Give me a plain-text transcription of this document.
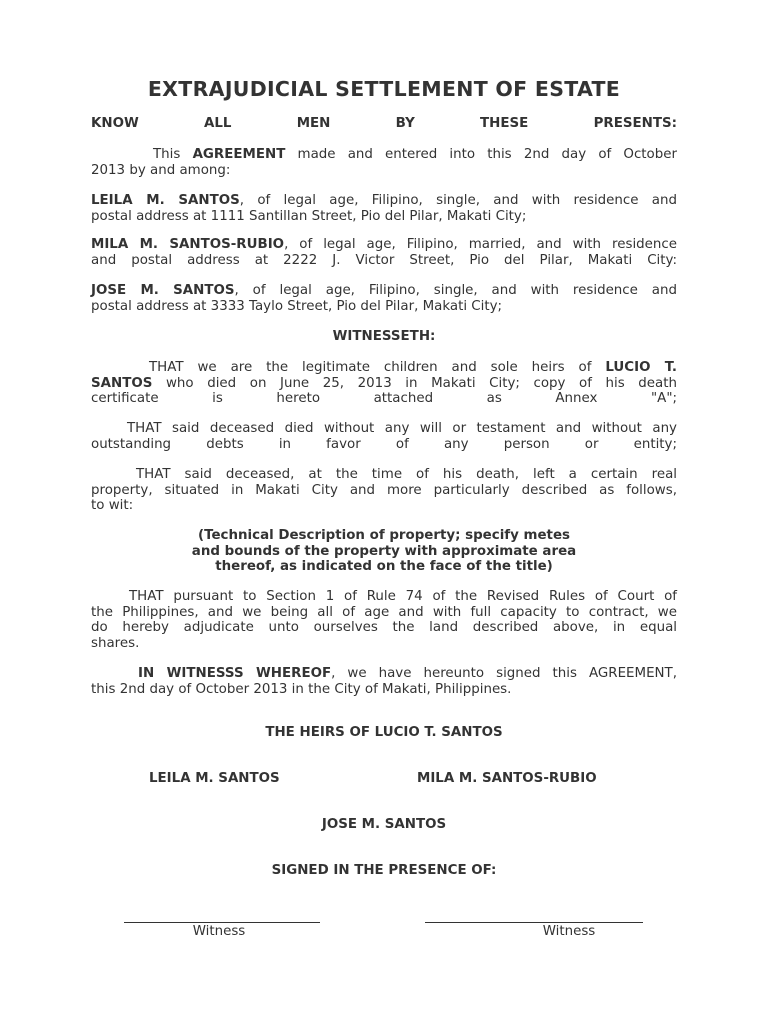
EXTRAJUDICIAL SETTLEMENT OF ESTATE
KNOW	ALL	MEN	BY	THESE	PRESENTS:
This AGREEMENT made and entered into this 2nd day of October
2013 by and among:
LEILA M. SANTOS, of legal age, Filipino, single, and with residence and
postal address at 1111 Santillan Street, Pio del Pilar, Makati City;
MILA M. SANTOS-RUBIO, of legal age, Filipino, married, and with residence
and postal address at 2222 J. Victor Street, Pio del Pilar, Makati City:
JOSE M. SANTOS, of legal age, Filipino, single, and with residence and
postal address at 3333 Taylo Street, Pio del Pilar, Makati City;
WITNESSETH:
THAT we are the legitimate children and sole heirs of LUCIO T.
SANTOS who died on June 25, 2013 in Makati City; copy of his death
certificate is hereto attached as Annex "A";
THAT said deceased died without any will or testament and without any
outstanding debts in favor of any person or entity;
THAT said deceased, at the time of his death, left a certain real
property, situated in Makati City and more particularly described as follows,
to wit:
(Technical Description of property; specify metes
and bounds of the property with approximate area
thereof, as indicated on the face of the title)
THAT pursuant to Section 1 of Rule 74 of the Revised Rules of Court of
the Philippines, and we being all of age and with full capacity to contract, we
do hereby adjudicate unto ourselves the land described above, in equal
shares.
IN WITNESSS WHEREOF, we have hereunto signed this AGREEMENT,
this 2nd day of October 2013 in the City of Makati, Philippines.
THE HEIRS OF LUCIO T. SANTOS
LEILA M. SANTOS	MILA M. SANTOS-RUBIO
JOSE M. SANTOS
SIGNED IN THE PRESENCE OF:
Witness	Witness
